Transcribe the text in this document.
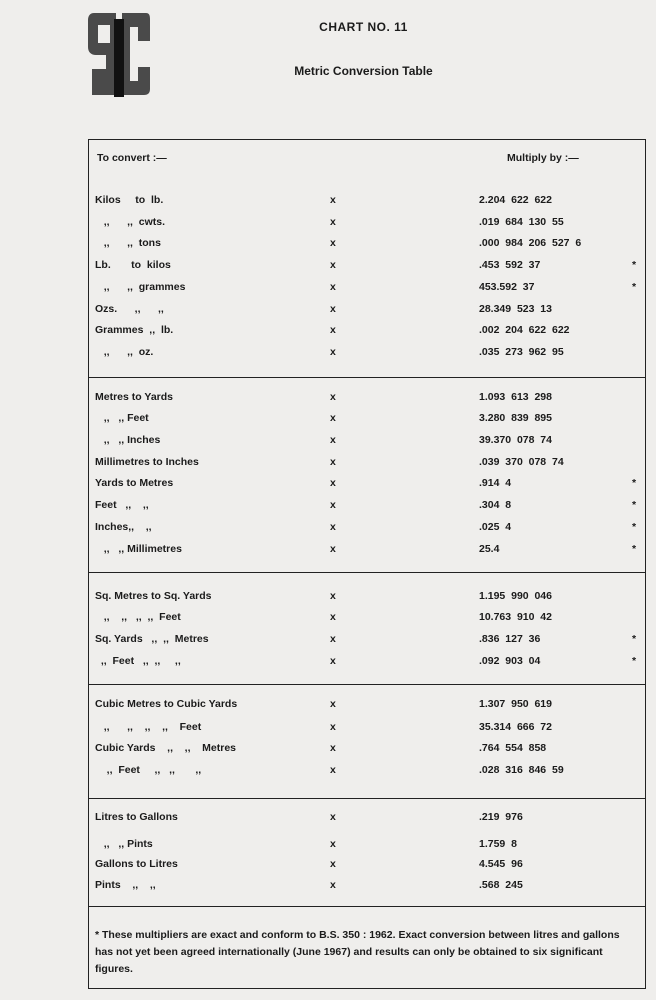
CHART NO. 11
Metric Conversion Table
To convert :—	Multiply by :—
Kilos     to  lb.	x	2.204  622  622
,,      ,,  cwts.	x	.019  684  130  55
,,      ,,  tons	x	.000  984  206  527  6
Lb.       to  kilos	x	.453  592  37	*
,,      ,,  grammes	x	453.592  37	*
Ozs.      ,,      ,,	x	28.349  523  13
Grammes  ,,  lb.	x	.002  204  622  622
,,      ,,  oz.	x	.035  273  962  95
Metres to Yards	x	1.093  613  298
,,   ,, Feet	x	3.280  839  895
,,   ,, Inches	x	39.370  078  74
Millimetres to Inches	x	.039  370  078  74
Yards to Metres	x	.914  4	*
Feet   ,,    ,,	x	.304  8	*
Inches,,    ,,	x	.025  4	*
,,   ,, Millimetres	x	25.4	*
Sq. Metres to Sq. Yards	x	1.195  990  046
,,    ,,   ,,  ,,  Feet	x	10.763  910  42
Sq. Yards   ,,  ,,  Metres	x	.836  127  36	*
,,  Feet   ,,  ,,     ,,	x	.092  903  04	*
Cubic Metres to Cubic Yards	x	1.307  950  619
,,      ,,    ,,    ,,    Feet	x	35.314  666  72
Cubic Yards    ,,    ,,    Metres	x	.764  554  858
,,  Feet     ,,   ,,       ,,	x	.028  316  846  59
Litres to Gallons	x	.219  976
,,   ,, Pints	x	1.759  8
Gallons to Litres	x	4.545  96
Pints    ,,    ,,	x	.568  245
* These multipliers are exact and conform to B.S. 350 : 1962. Exact conversion between litres and gallons has not yet been agreed internationally (June 1967) and results can only be obtained to six significant figures.
